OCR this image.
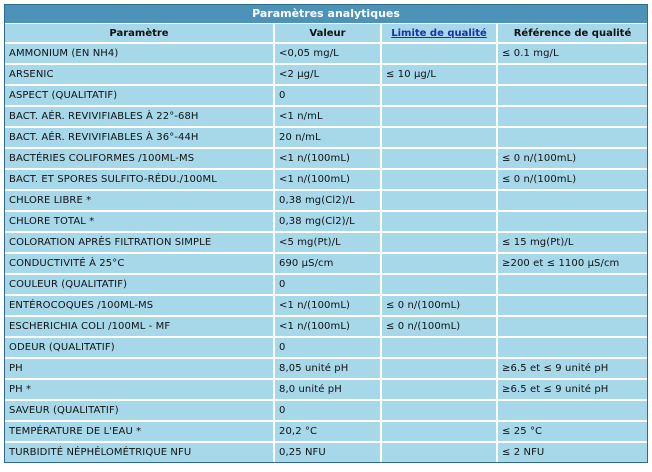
Paramètres analytiques
Paramètre	Valeur	Limite de qualité	Référence de qualité
AMMONIUM (EN NH4)	<0,05 mg/L		≤ 0.1 mg/L
ARSENIC	<2 µg/L	≤ 10 µg/L	
ASPECT (QUALITATIF)	0		
BACT. AÉR. REVIVIFIABLES À 22°-68H	<1 n/mL		
BACT. AÉR. REVIVIFIABLES À 36°-44H	20 n/mL		
BACTÉRIES COLIFORMES /100ML-MS	<1 n/(100mL)		≤ 0 n/(100mL)
BACT. ET SPORES SULFITO-RÉDU./100ML	<1 n/(100mL)		≤ 0 n/(100mL)
CHLORE LIBRE *	0,38 mg(Cl2)/L		
CHLORE TOTAL *	0,38 mg(Cl2)/L		
COLORATION APRÈS FILTRATION SIMPLE	<5 mg(Pt)/L		≤ 15 mg(Pt)/L
CONDUCTIVITÉ À 25°C	690 µS/cm		≥200 et ≤ 1100 µS/cm
COULEUR (QUALITATIF)	0		
ENTÉROCOQUES /100ML-MS	<1 n/(100mL)	≤ 0 n/(100mL)	
ESCHERICHIA COLI /100ML - MF	<1 n/(100mL)	≤ 0 n/(100mL)	
ODEUR (QUALITATIF)	0		
PH	8,05 unité pH		≥6.5 et ≤ 9 unité pH
PH *	8,0 unité pH		≥6.5 et ≤ 9 unité pH
SAVEUR (QUALITATIF)	0		
TEMPÉRATURE DE L'EAU *	20,2 °C		≤ 25 °C
TURBIDITÉ NÉPHÉLOMÉTRIQUE NFU	0,25 NFU		≤ 2 NFU
